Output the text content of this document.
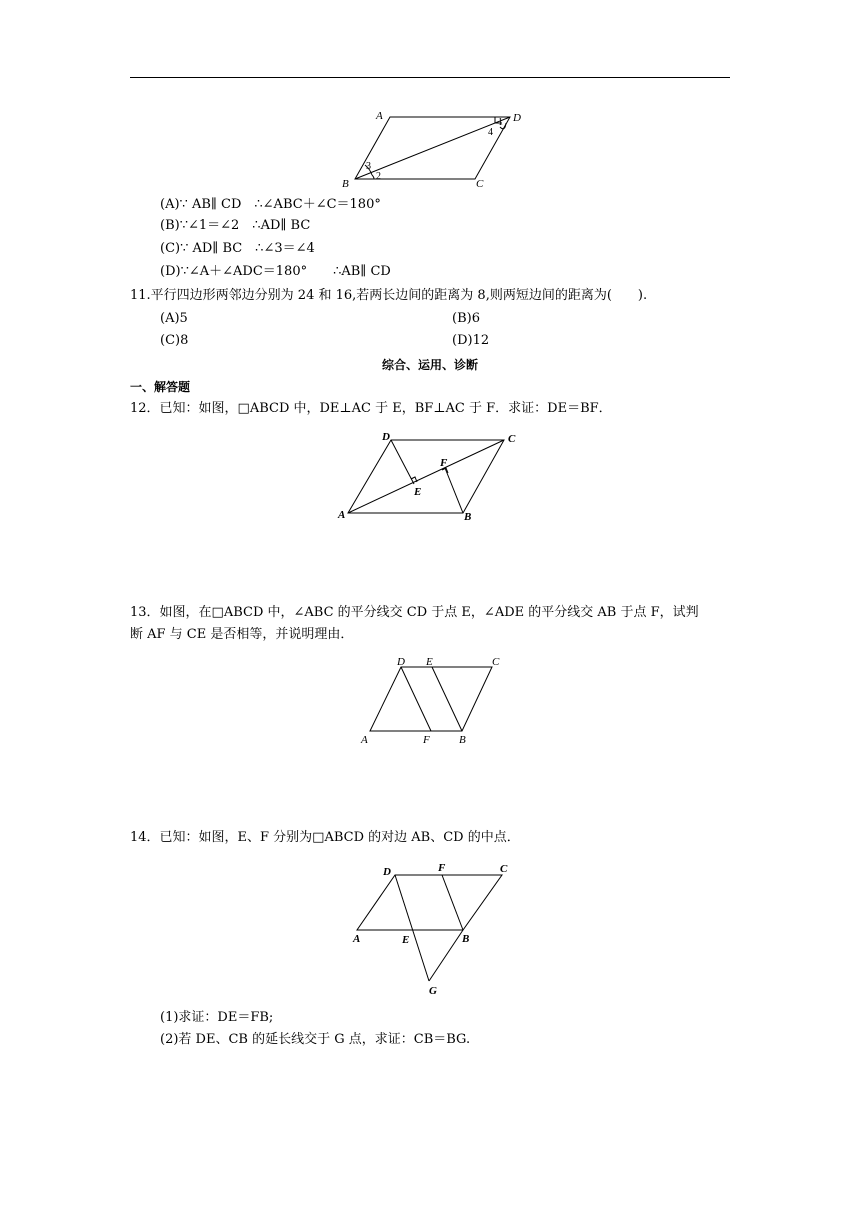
A	D
B	C
1
4
3
2
(A)∵ AB∥ CD　∴∠ABC＋∠C＝180°
(B)∵∠1＝∠2　∴AD∥ BC
(C)∵ AD∥ BC　∴∠3＝∠4
(D)∵∠A＋∠ADC＝180°　　∴AB∥ CD
11.平行四边形两邻边分别为 24 和 16,若两长边间的距离为 8,则两短边间的距离为(　　).
(A)5	(B)6
(C)8	(D)12
综合、运用、诊断
一、解答题
12．已知：如图，□ABCD 中，DE⊥AC 于 E，BF⊥AC 于 F．求证：DE＝BF．
D	C
A	B
E
F
13．如图，在□ABCD 中，∠ABC 的平分线交 CD 于点 E，∠ADE 的平分线交 AB 于点 F，试判
断 AF 与 CE 是否相等，并说明理由．
D E	C
A	F	B
14．已知：如图，E、F 分别为□ABCD 的对边 AB、CD 的中点．
D	F	C
A	E	B
G
(1)求证：DE＝FB;
(2)若 DE、CB 的延长线交于 G 点，求证：CB＝BG.
